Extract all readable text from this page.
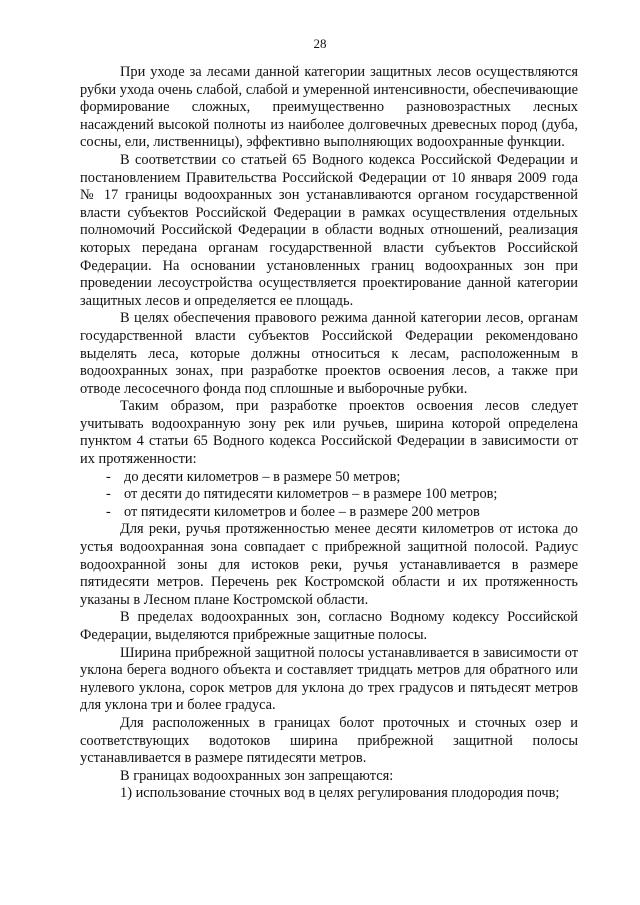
28

При уходе за лесами данной категории защитных лесов осуществляются рубки ухода очень слабой, слабой и умеренной интенсивности, обеспечивающие формирование сложных, преимущественно разновозрастных лесных насаждений высокой полноты из наиболее долговечных древесных пород (дуба, сосны, ели, лиственницы), эффективно выполняющих водоохранные функции.

В соответствии со статьей 65 Водного кодекса Российской Федерации и постановлением Правительства Российской Федерации от 10 января 2009 года № 17 границы водоохранных зон устанавливаются органом государственной власти субъектов Российской Федерации в рамках осуществления отдельных полномочий Российской Федерации в области водных отношений, реализация которых передана органам государственной власти субъектов Российской Федерации. На основании установленных границ водоохранных зон при проведении лесоустройства осуществляется проектирование данной категории защитных лесов и определяется ее площадь.

В целях обеспечения правового режима данной категории лесов, органам государственной власти субъектов Российской Федерации рекомендовано выделять леса, которые должны относиться к лесам, расположенным в водоохранных зонах, при разработке проектов освоения лесов, а также при отводе лесосечного фонда под сплошные и выборочные рубки.

Таким образом, при разработке проектов освоения лесов следует учитывать водоохранную зону рек или ручьев, ширина которой определена пунктом 4 статьи 65 Водного кодекса Российской Федерации в зависимости от их протяженности:

- до десяти километров – в размере 50 метров;
- от десяти до пятидесяти километров – в размере 100 метров;
- от пятидесяти километров и более – в размере 200 метров

Для реки, ручья протяженностью менее десяти километров от истока до устья водоохранная зона совпадает с прибрежной защитной полосой. Радиус водоохранной зоны для истоков реки, ручья устанавливается в размере пятидесяти метров. Перечень рек Костромской области и их протяженность указаны в Лесном плане Костромской области.

В пределах водоохранных зон, согласно Водному кодексу Российской Федерации, выделяются прибрежные защитные полосы.

Ширина прибрежной защитной полосы устанавливается в зависимости от уклона берега водного объекта и составляет тридцать метров для обратного или нулевого уклона, сорок метров для уклона до трех градусов и пятьдесят метров для уклона три и более градуса.

Для расположенных в границах болот проточных и сточных озер и соответствующих водотоков ширина прибрежной защитной полосы устанавливается в размере пятидесяти метров.

В границах водоохранных зон запрещаются:

1) использование сточных вод в целях регулирования плодородия почв;
